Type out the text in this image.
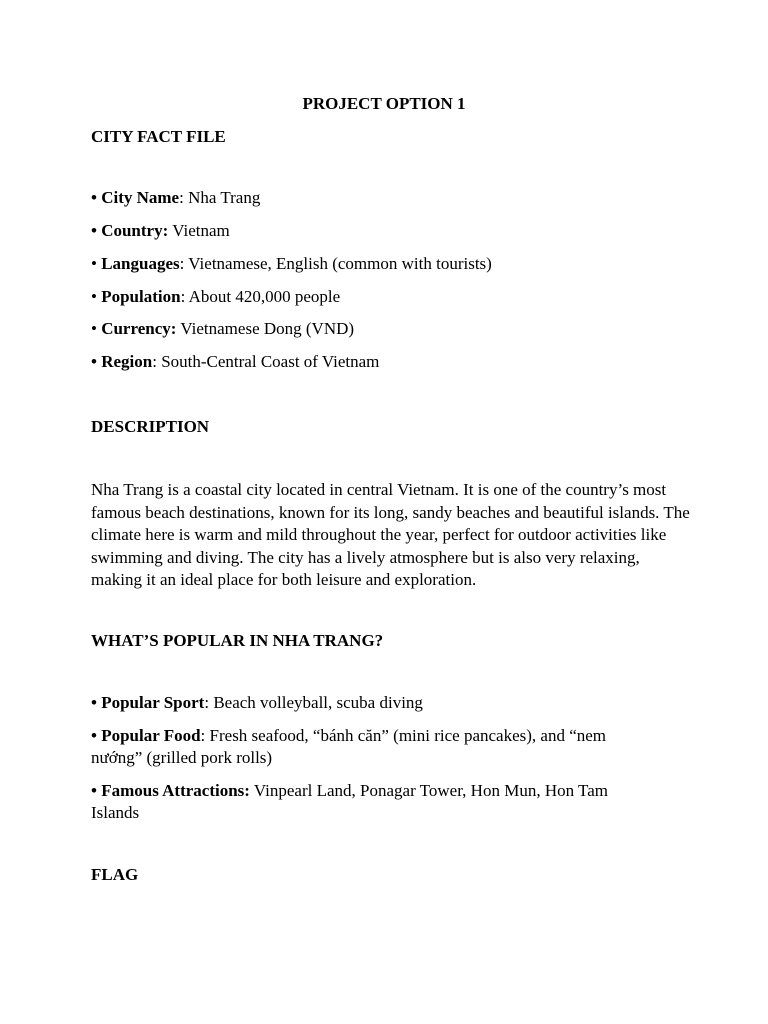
PROJECT OPTION 1
CITY FACT FILE
• City Name: Nha Trang
• Country: Vietnam
• Languages: Vietnamese, English (common with tourists)
• Population: About 420,000 people
• Currency: Vietnamese Dong (VND)
• Region: South-Central Coast of Vietnam
DESCRIPTION
Nha Trang is a coastal city located in central Vietnam. It is one of the country’s most famous beach destinations, known for its long, sandy beaches and beautiful islands. The climate here is warm and mild throughout the year, perfect for outdoor activities like swimming and diving. The city has a lively atmosphere but is also very relaxing, making it an ideal place for both leisure and exploration.
WHAT’S POPULAR IN NHA TRANG?
• Popular Sport: Beach volleyball, scuba diving
• Popular Food: Fresh seafood, “bánh căn” (mini rice pancakes), and “nem nướng” (grilled pork rolls)
• Famous Attractions: Vinpearl Land, Ponagar Tower, Hon Mun, Hon Tam Islands
FLAG
